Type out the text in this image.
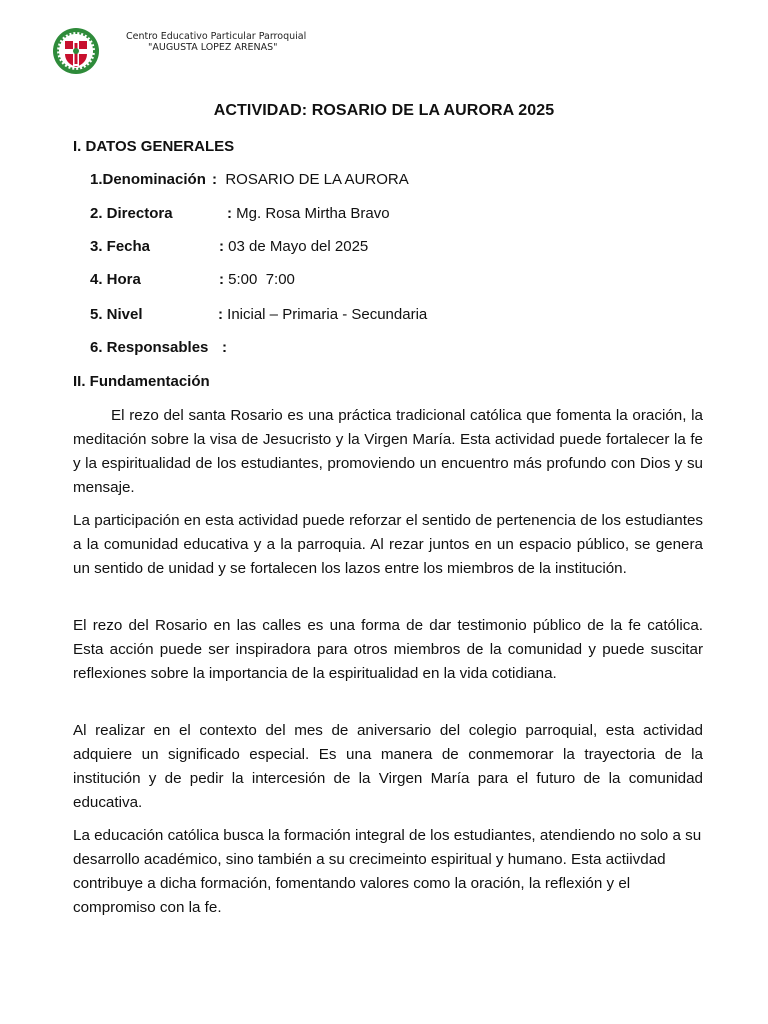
Centro Educativo Particular Parroquial
"AUGUSTA LOPEZ ARENAS"
ACTIVIDAD: ROSARIO DE LA AURORA 2025
I. DATOS GENERALES
1.Denominación :  ROSARIO DE LA AURORA
2. Directora	: Mg. Rosa Mirtha Bravo
3. Fecha	: 03 de Mayo del 2025
4. Hora	: 5:00  7:00
5. Nivel	: Inicial – Primaria - Secundaria
6. Responsables :
II. Fundamentación

El rezo del santa Rosario es una práctica tradicional católica que fomenta la oración, la meditación sobre la visa de Jesucristo y la Virgen María. Esta actividad puede fortalecer la fe y la espiritualidad de los estudiantes, promoviendo un encuentro más profundo con Dios y su mensaje.

La participación en esta actividad puede reforzar el sentido de pertenencia de los estudiantes a la comunidad educativa y a la parroquia. Al rezar juntos en un espacio público, se genera un sentido de unidad y se fortalecen los lazos entre los miembros de la institución.

El rezo del Rosario en las calles es una forma de dar testimonio público de la fe católica. Esta acción puede ser inspiradora para otros miembros de la comunidad y puede suscitar reflexiones sobre la importancia de la espiritualidad en la vida cotidiana.

Al realizar en el contexto del mes de aniversario del colegio parroquial, esta actividad adquiere un significado especial. Es una manera de conmemorar la trayectoria de la institución y de pedir la intercesión de la Virgen María para el futuro de la comunidad educativa.

La educación católica busca la formación integral de los estudiantes, atendiendo no solo a su desarrollo académico, sino también a su crecimeinto espiritual y humano. Esta actiivdad contribuye a dicha formación, fomentando valores como la oración, la reflexión y el compromiso con la fe.
